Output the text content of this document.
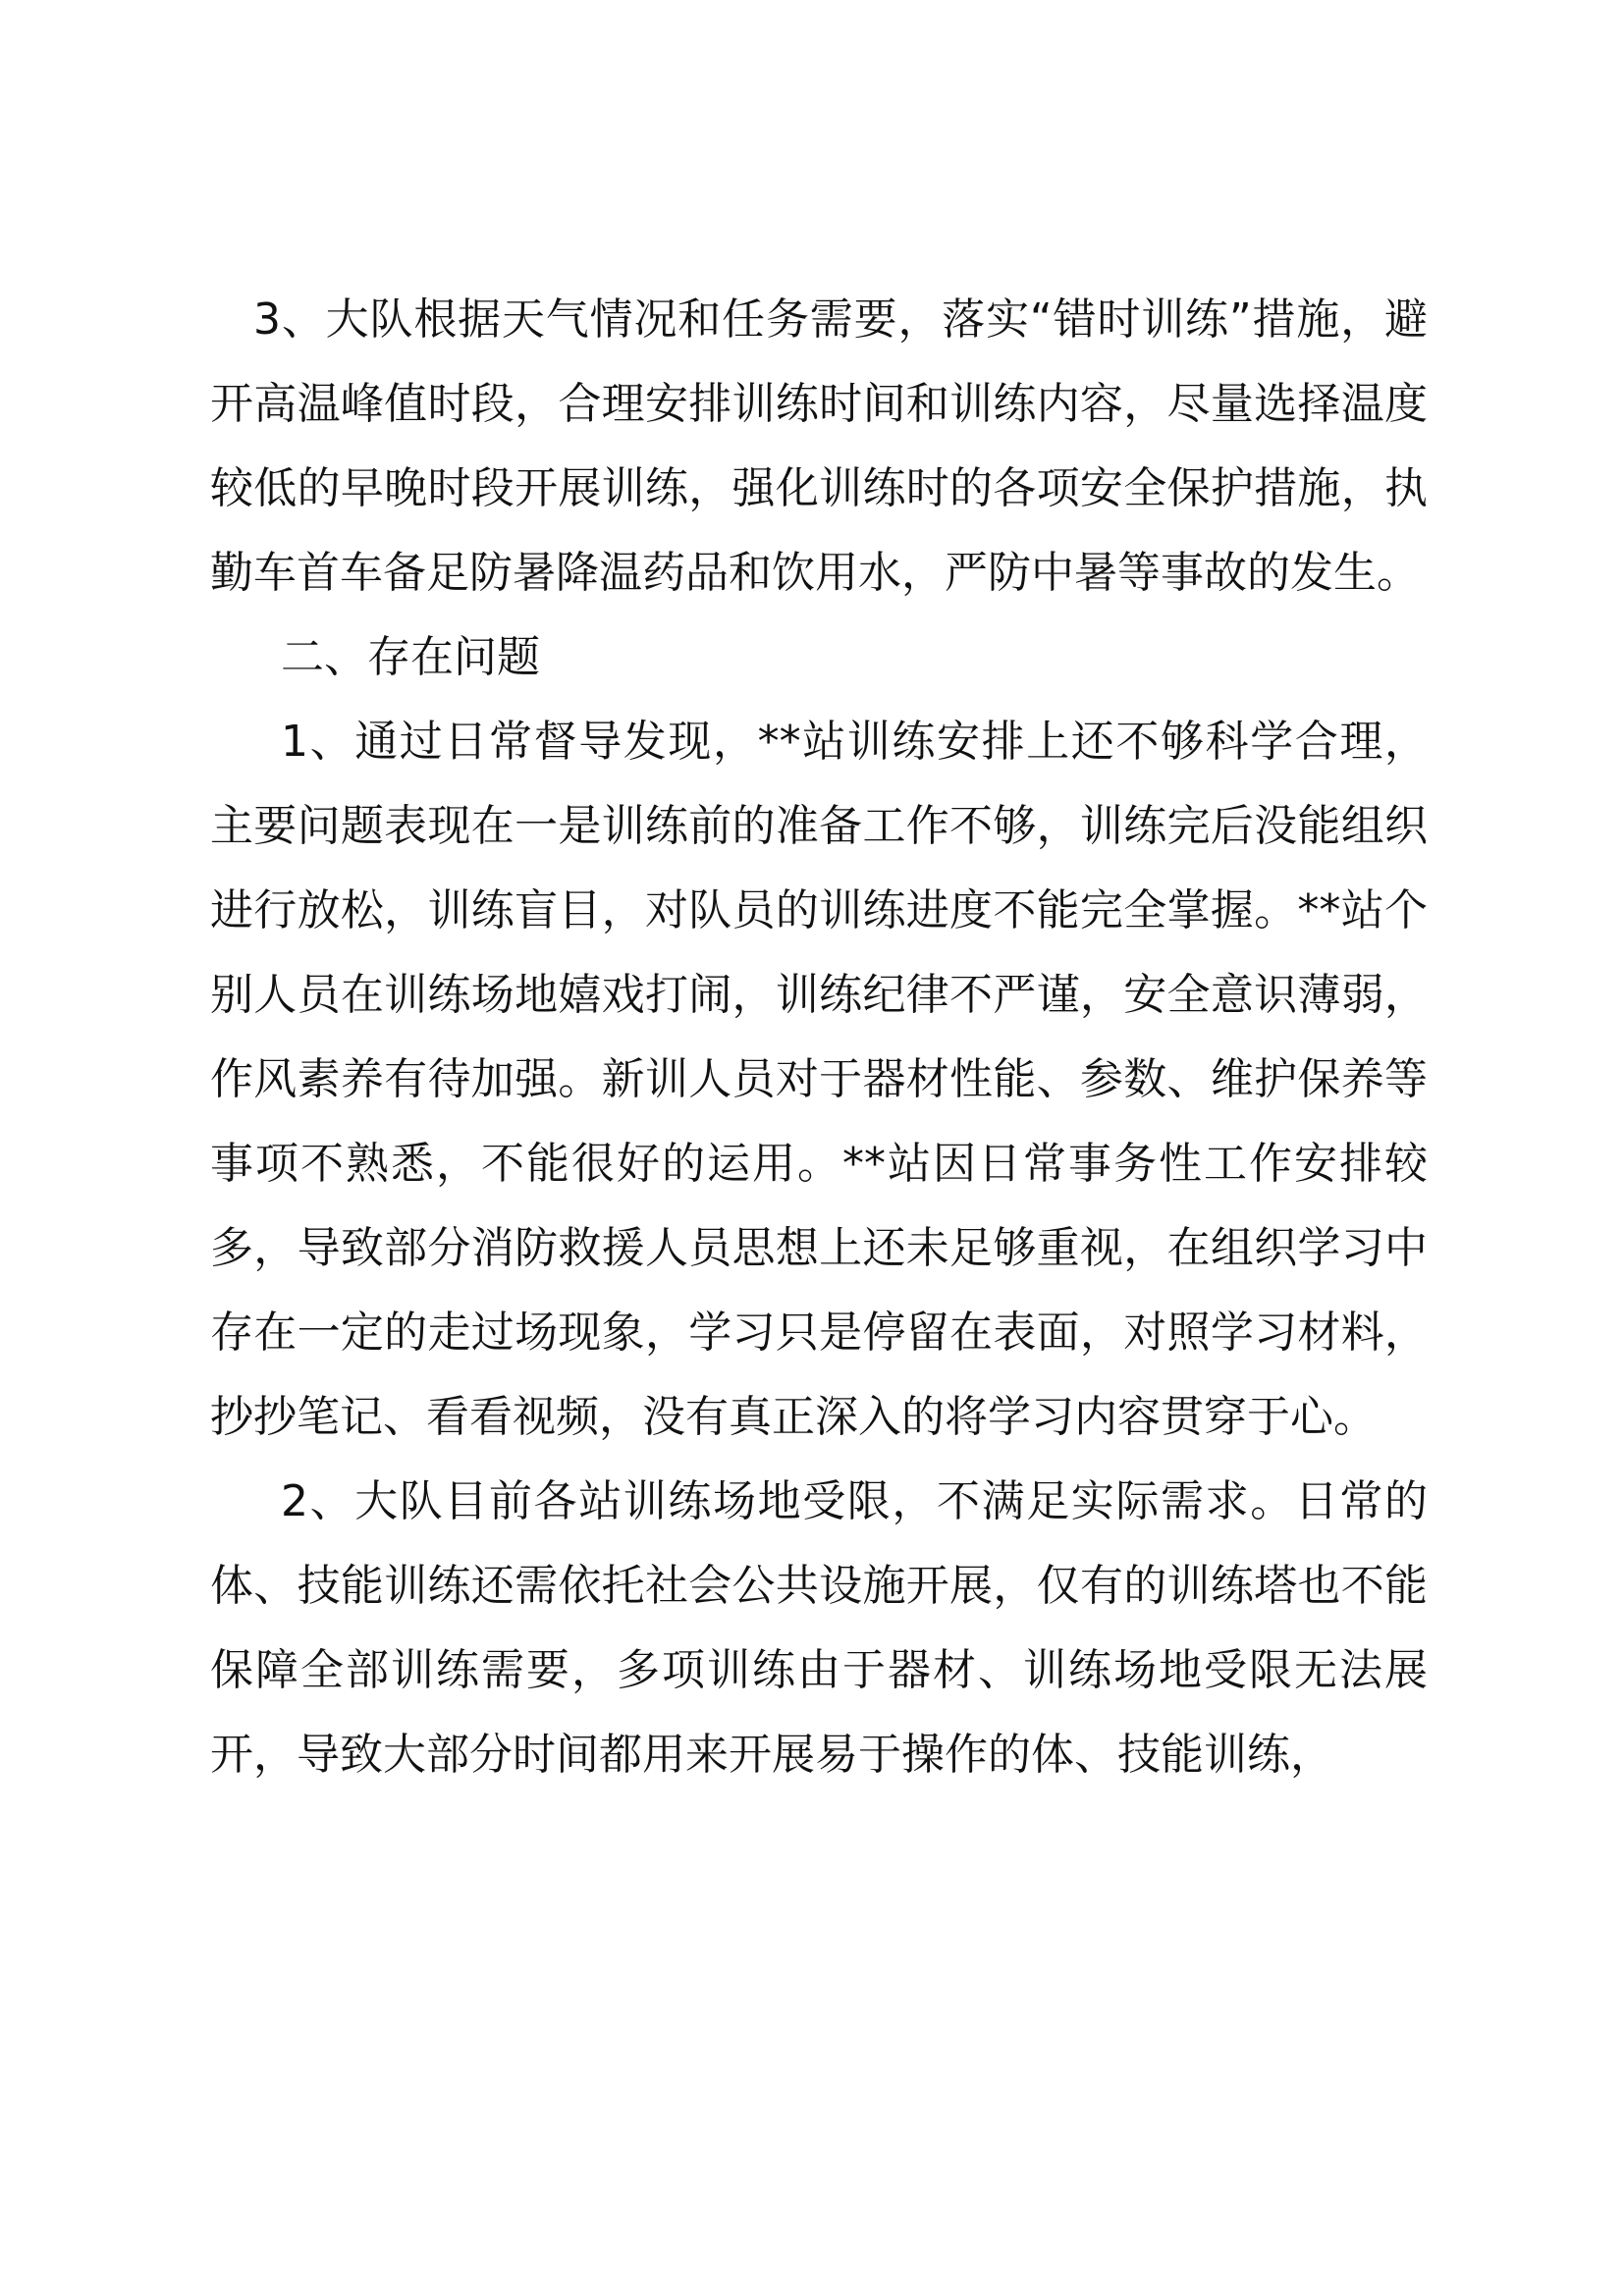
3、大队根据天气情况和任务需要，落实“错时训练”措施，避开高温峰值时段，合理安排训练时间和训练内容，尽量选择温度较低的早晚时段开展训练，强化训练时的各项安全保护措施，执勤车首车备足防暑降温药品和饮用水，严防中暑等事故的发生。

二、存在问题

1、通过日常督导发现，**站训练安排上还不够科学合理，主要问题表现在一是训练前的准备工作不够，训练完后没能组织进行放松，训练盲目，对队员的训练进度不能完全掌握。**站个别人员在训练场地嬉戏打闹，训练纪律不严谨，安全意识薄弱，作风素养有待加强。新训人员对于器材性能、参数、维护保养等事项不熟悉，不能很好的运用。**站因日常事务性工作安排较多，导致部分消防救援人员思想上还未足够重视，在组织学习中存在一定的走过场现象，学习只是停留在表面，对照学习材料，抄抄笔记、看看视频，没有真正深入的将学习内容贯穿于心。

2、大队目前各站训练场地受限，不满足实际需求。日常的体、技能训练还需依托社会公共设施开展，仅有的训练塔也不能保障全部训练需要，多项训练由于器材、训练场地受限无法展开，导致大部分时间都用来开展易于操作的体、技能训练，
